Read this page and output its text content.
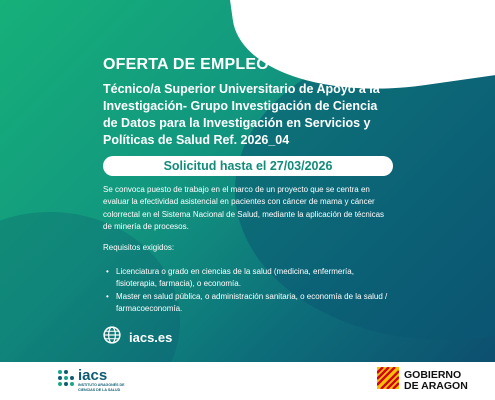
OFERTA DE EMPLEO
Técnico/a Superior Universitario de Apoyo a la Investigación- Grupo Investigación de Ciencia de Datos para la Investigación en Servicios y Políticas de Salud Ref. 2026_04
Solicitud hasta el 27/03/2026
Se convoca puesto de trabajo en el marco de un proyecto que se centra en evaluar la efectividad asistencial en pacientes con cáncer de mama y cáncer colorrectal en el Sistema Nacional de Salud, mediante la aplicación de técnicas de minería de procesos.
Requisitos exigidos:
• Licenciatura o grado en ciencias de la salud (medicina, enfermería, fisioterapia, farmacia), o economía.
• Master en salud pública, o administración sanitaria, o economía de la salud / farmacoeconomía.
iacs.es
iacs
INSTITUTO ARAGONÉS DE CIENCIAS DE LA SALUD
GOBIERNO
DE ARAGON
